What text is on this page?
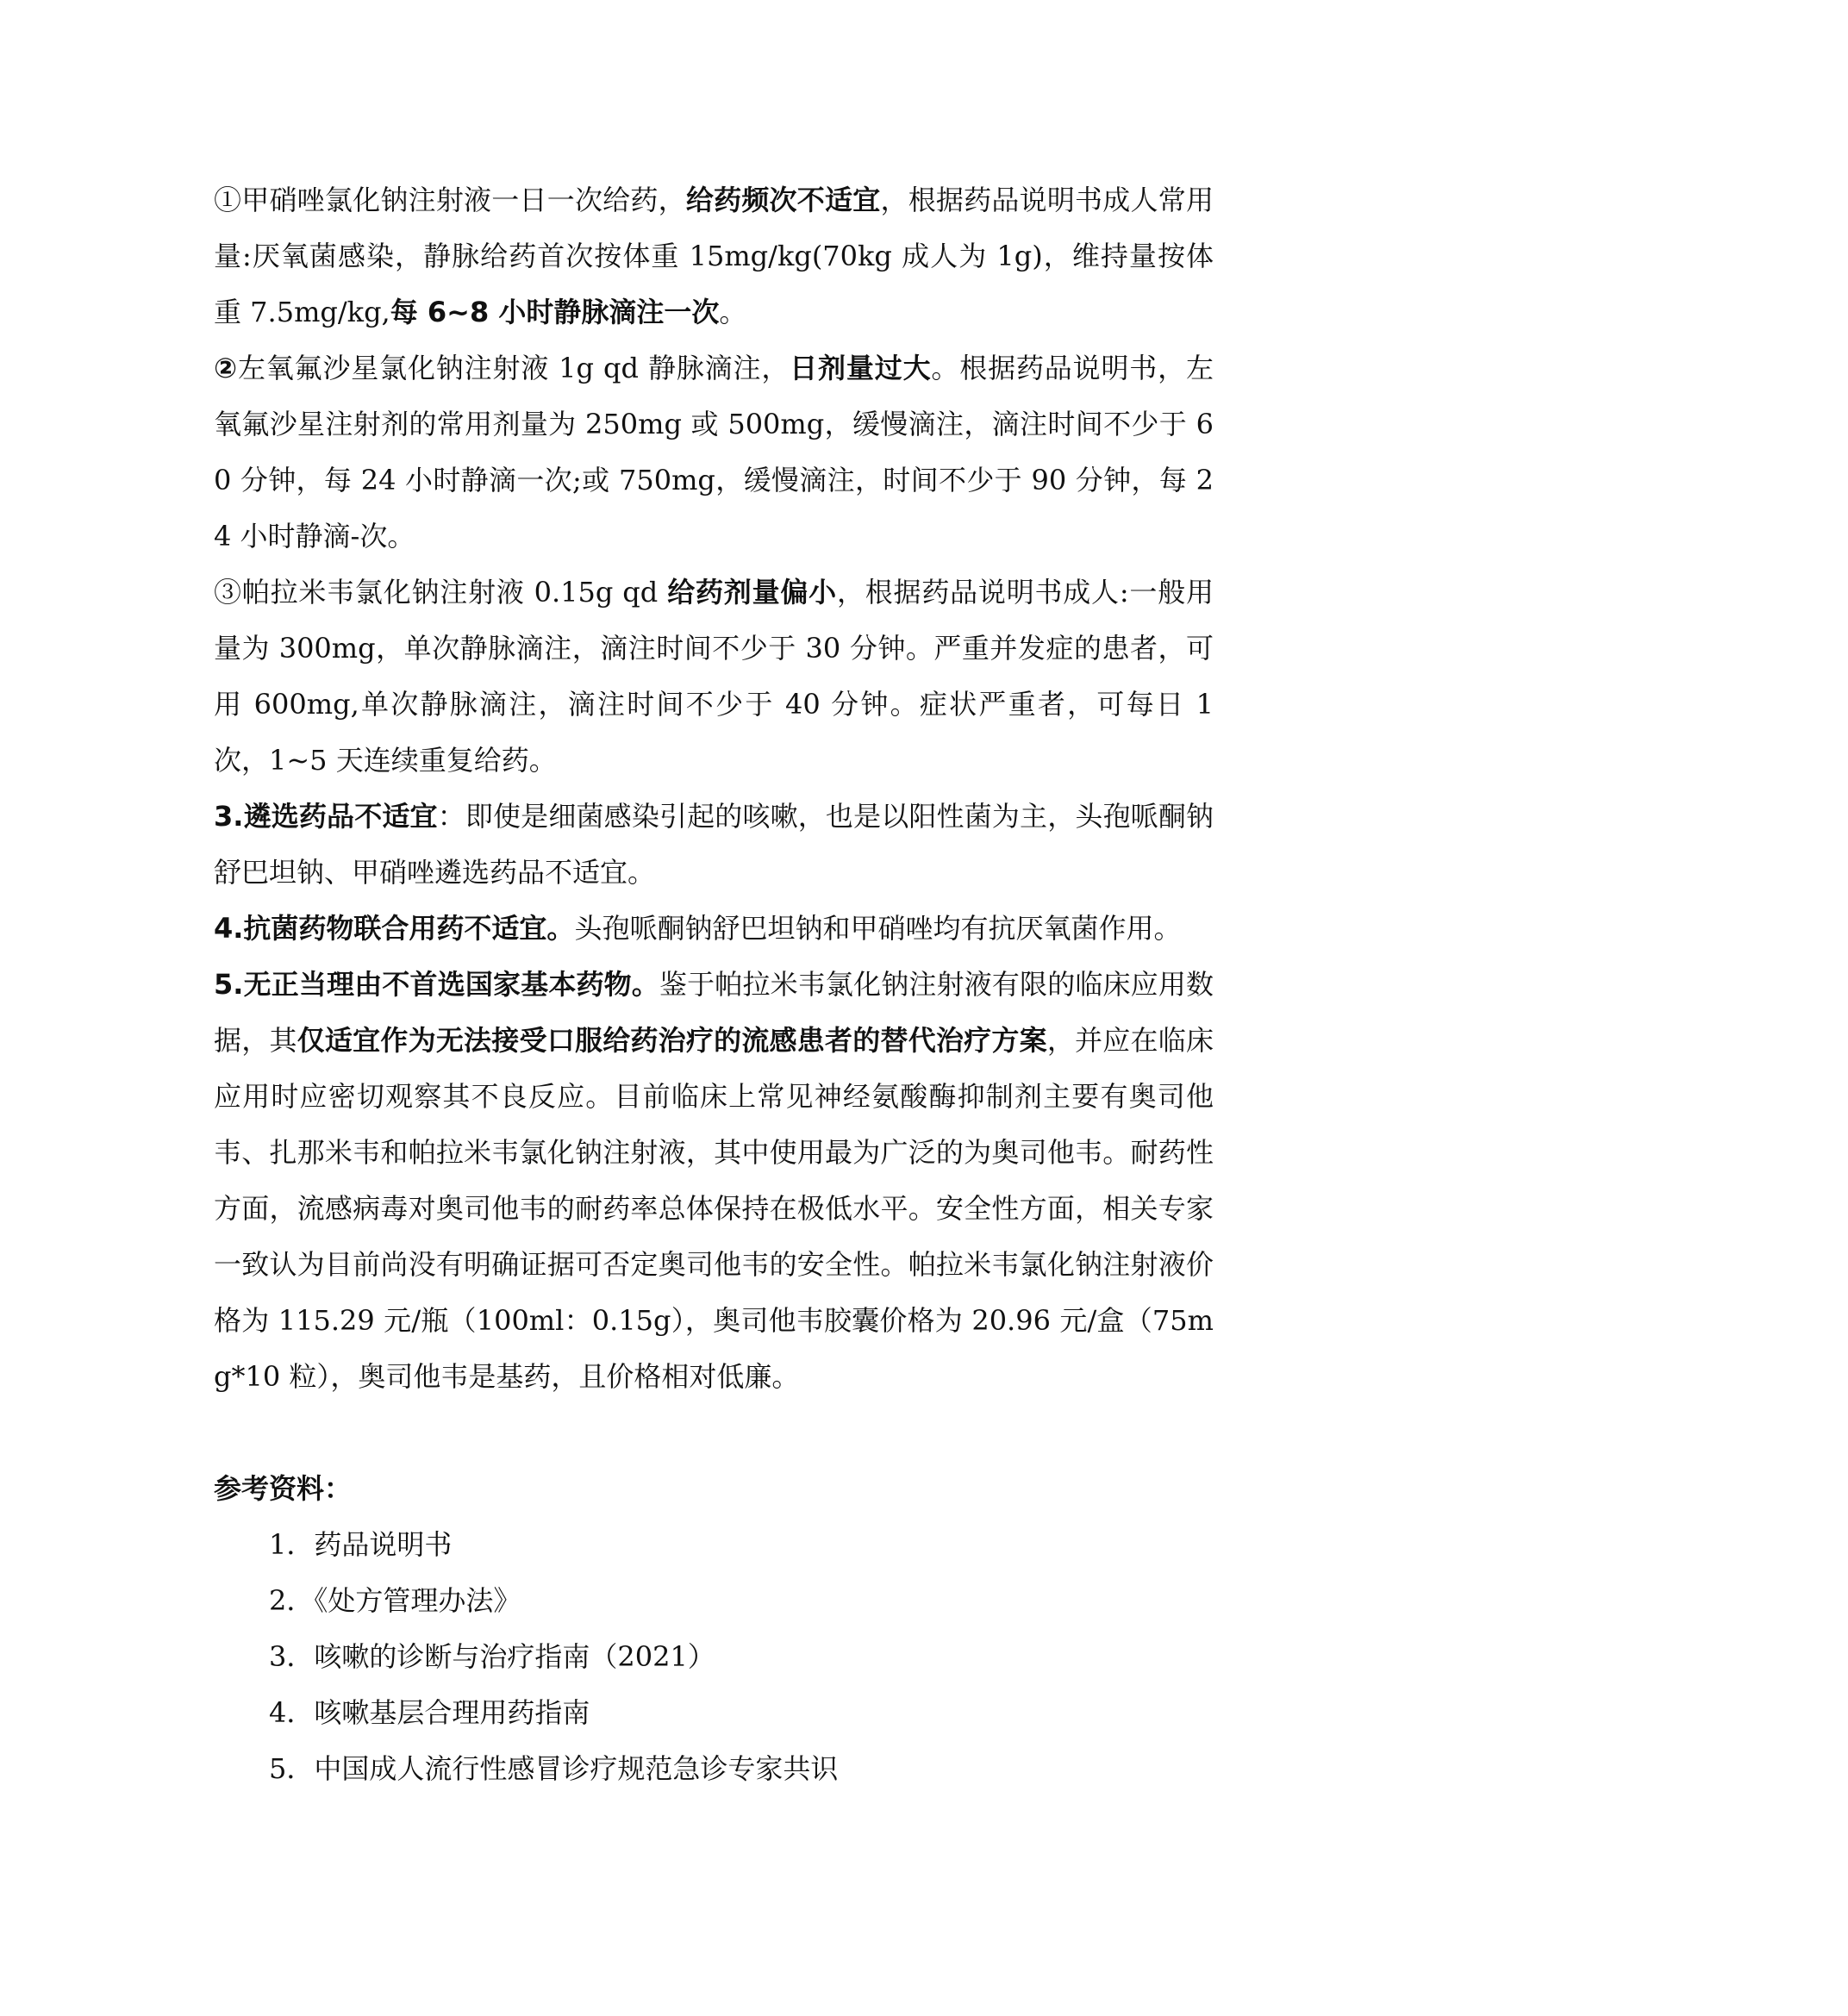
①甲硝唑氯化钠注射液一日一次给药，给药频次不适宜，根据药品说明书成人常用量:厌氧菌感染，静脉给药首次按体重 15mg/kg(70kg 成人为 1g)，维持量按体重 7.5mg/kg,每 6~8 小时静脉滴注一次。

②左氧氟沙星氯化钠注射液 1g qd 静脉滴注，日剂量过大。根据药品说明书，左氧氟沙星注射剂的常用剂量为 250mg 或 500mg，缓慢滴注，滴注时间不少于 60 分钟，每 24 小时静滴一次;或 750mg，缓慢滴注，时间不少于 90 分钟，每 24 小时静滴-次。

③帕拉米韦氯化钠注射液 0.15g qd 给药剂量偏小，根据药品说明书成人:一般用量为 300mg，单次静脉滴注，滴注时间不少于 30 分钟。严重并发症的患者，可用 600mg,单次静脉滴注，滴注时间不少于 40 分钟。症状严重者，可每日 1 次，1~5 天连续重复给药。

3.遴选药品不适宜：即使是细菌感染引起的咳嗽，也是以阳性菌为主，头孢哌酮钠舒巴坦钠、甲硝唑遴选药品不适宜。

4.抗菌药物联合用药不适宜。头孢哌酮钠舒巴坦钠和甲硝唑均有抗厌氧菌作用。

5.无正当理由不首选国家基本药物。鉴于帕拉米韦氯化钠注射液有限的临床应用数据，其仅适宜作为无法接受口服给药治疗的流感患者的替代治疗方案，并应在临床应用时应密切观察其不良反应。目前临床上常见神经氨酸酶抑制剂主要有奥司他韦、扎那米韦和帕拉米韦氯化钠注射液，其中使用最为广泛的为奥司他韦。耐药性方面，流感病毒对奥司他韦的耐药率总体保持在极低水平。安全性方面，相关专家一致认为目前尚没有明确证据可否定奥司他韦的安全性。帕拉米韦氯化钠注射液价格为 115.29 元/瓶（100ml：0.15g），奥司他韦胶囊价格为 20.96 元/盒（75mg*10 粒），奥司他韦是基药，且价格相对低廉。

参考资料：
1．药品说明书
2．《处方管理办法》
3．咳嗽的诊断与治疗指南（2021）
4．咳嗽基层合理用药指南
5．中国成人流行性感冒诊疗规范急诊专家共识
